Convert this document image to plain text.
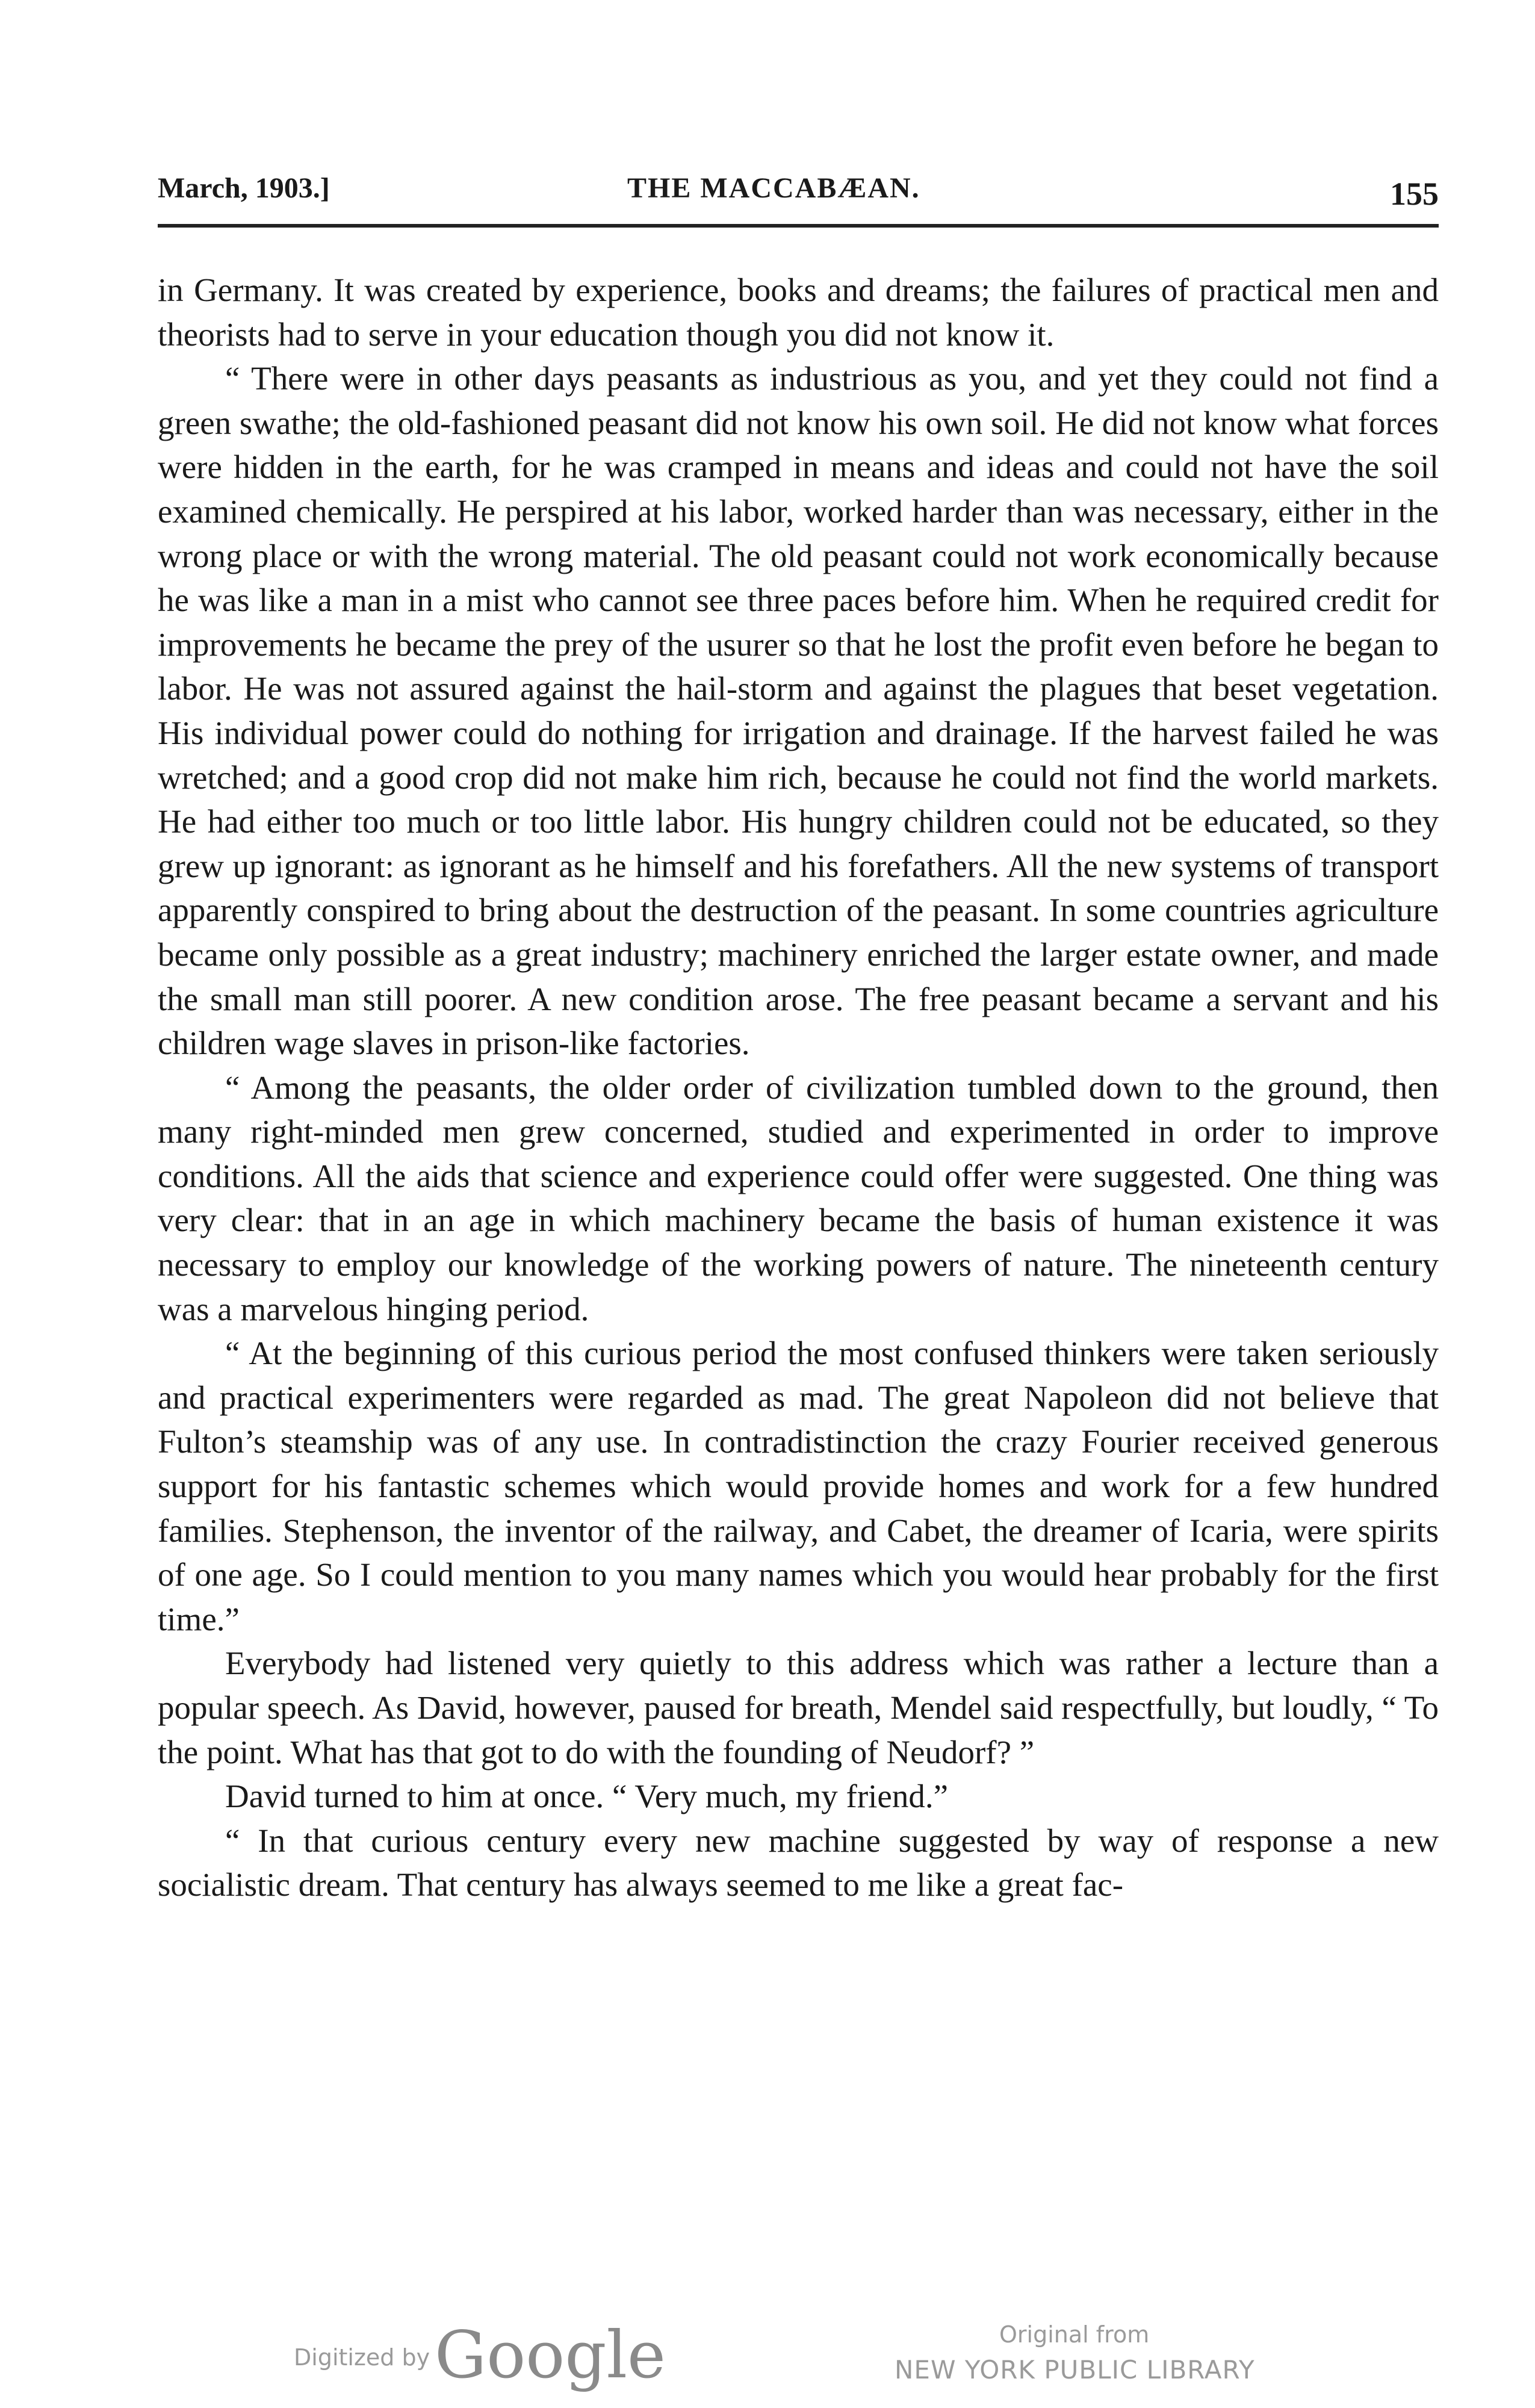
March, 1903.]	THE MACCABÆAN.	155

in Germany. It was created by experience, books and dreams; the failures of practical men and theorists had to serve in your education though you did not know it.

“ There were in other days peasants as industrious as you, and yet they could not find a green swathe; the old-fashioned peasant did not know his own soil. He did not know what forces were hidden in the earth, for he was cramped in means and ideas and could not have the soil examined chemically. He perspired at his labor, worked harder than was necessary, either in the wrong place or with the wrong material. The old peasant could not work economically because he was like a man in a mist who cannot see three paces before him. When he required credit for improvements he became the prey of the usurer so that he lost the profit even before he began to labor. He was not assured against the hail-storm and against the plagues that beset vegetation. His individual power could do nothing for irrigation and drainage. If the harvest failed he was wretched; and a good crop did not make him rich, because he could not find the world markets. He had either too much or too little labor. His hungry children could not be educated, so they grew up ignorant: as ignorant as he himself and his forefathers. All the new systems of transport apparently conspired to bring about the destruction of the peasant. In some countries agriculture became only possible as a great industry; machinery enriched the larger estate owner, and made the small man still poorer. A new condition arose. The free peasant became a servant and his children wage slaves in prison-like factories.

“ Among the peasants, the older order of civilization tumbled down to the ground, then many right-minded men grew concerned, studied and experimented in order to improve conditions. All the aids that science and experience could offer were suggested. One thing was very clear: that in an age in which machinery became the basis of human existence it was necessary to employ our knowledge of the working powers of nature. The nineteenth century was a marvelous hinging period.

“ At the beginning of this curious period the most confused thinkers were taken seriously and practical experimenters were regarded as mad. The great Napoleon did not believe that Fulton’s steamship was of any use. In contradistinction the crazy Fourier received generous support for his fantastic schemes which would provide homes and work for a few hundred families. Stephenson, the inventor of the railway, and Cabet, the dreamer of Icaria, were spirits of one age. So I could mention to you many names which you would hear probably for the first time.”

Everybody had listened very quietly to this address which was rather a lecture than a popular speech. As David, however, paused for breath, Mendel said respectfully, but loudly, “ To the point. What has that got to do with the founding of Neudorf? ”

David turned to him at once. “ Very much, my friend.”

“ In that curious century every new machine suggested by way of response a new socialistic dream. That century has always seemed to me like a great fac-

Digitized by Google	Original from
NEW YORK PUBLIC LIBRARY
